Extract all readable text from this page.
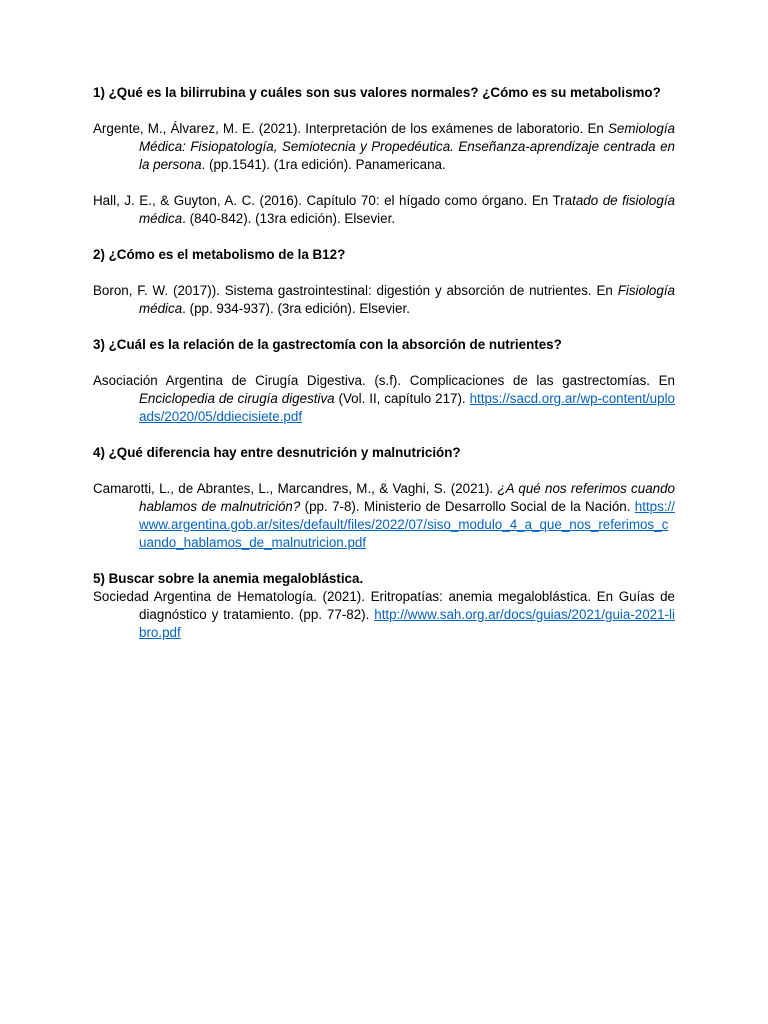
1) ¿Qué es la bilirrubina y cuáles son sus valores normales? ¿Cómo es su metabolismo?

Argente, M., Álvarez, M. E. (2021). Interpretación de los exámenes de laboratorio. En Semiología Médica: Fisiopatología, Semiotecnia y Propedéutica. Enseñanza-aprendizaje centrada en la persona. (pp.1541). (1ra edición). Panamericana.

Hall, J. E., & Guyton, A. C. (2016). Capítulo 70: el hígado como órgano. En Tratado de fisiología médica. (840-842). (13ra edición). Elsevier.

2) ¿Cómo es el metabolismo de la B12?

Boron, F. W. (2017)). Sistema gastrointestinal: digestión y absorción de nutrientes. En Fisiología médica. (pp. 934-937). (3ra edición). Elsevier.

3) ¿Cuál es la relación de la gastrectomía con la absorción de nutrientes?

Asociación Argentina de Cirugía Digestiva. (s.f). Complicaciones de las gastrectomías. En Enciclopedia de cirugía digestiva (Vol. II, capítulo 217). https://sacd.org.ar/wp-content/uploads/2020/05/ddiecisiete.pdf

4) ¿Qué diferencia hay entre desnutrición y malnutrición?

Camarotti, L., de Abrantes, L., Marcandres, M., & Vaghi, S. (2021). ¿A qué nos referimos cuando hablamos de malnutrición? (pp. 7-8). Ministerio de Desarrollo Social de la Nación. https://www.argentina.gob.ar/sites/default/files/2022/07/siso_modulo_4_a_que_nos_referimos_cuando_hablamos_de_malnutricion.pdf

5) Buscar sobre la anemia megaloblástica.

Sociedad Argentina de Hematología. (2021). Eritropatías: anemia megaloblástica. En Guías de diagnóstico y tratamiento. (pp. 77-82). http://www.sah.org.ar/docs/guias/2021/guia-2021-libro.pdf
